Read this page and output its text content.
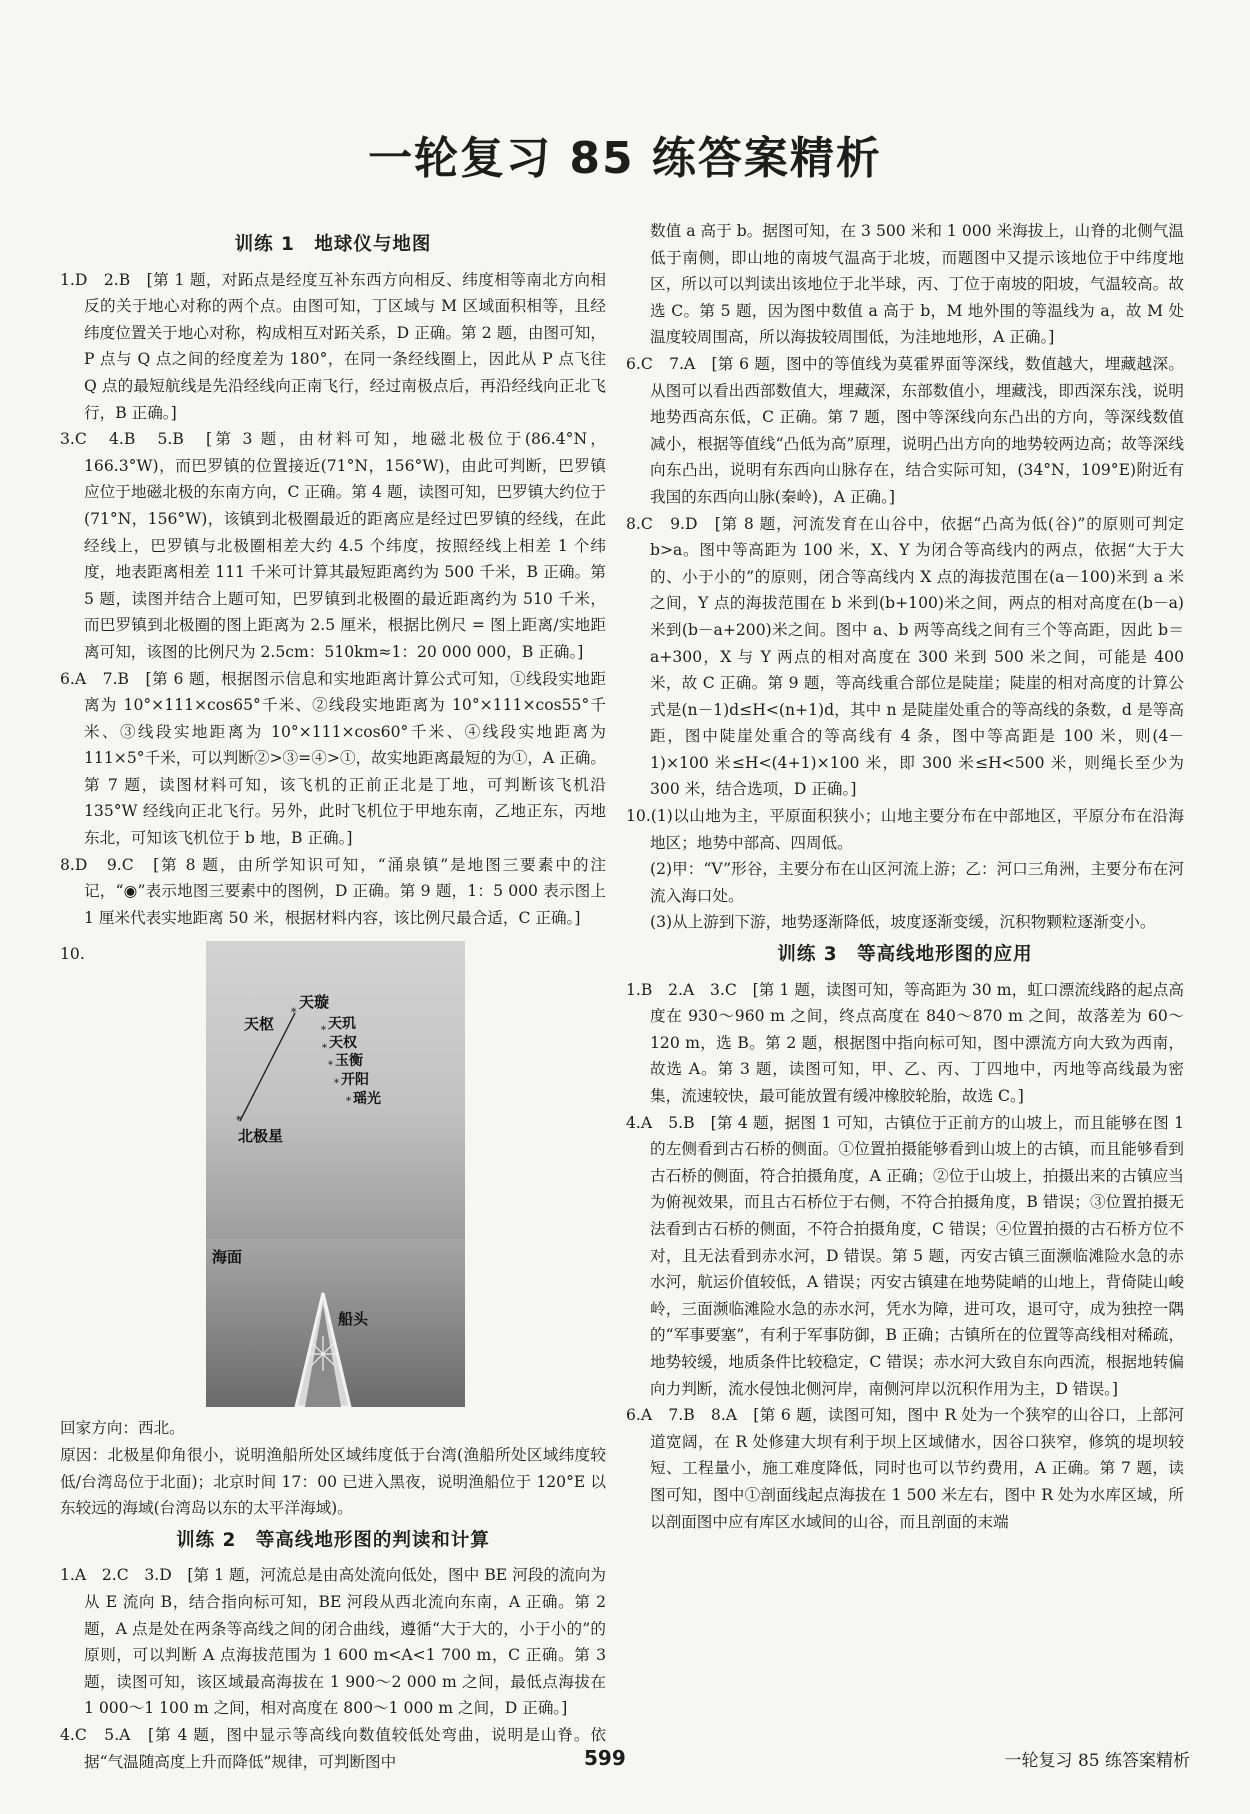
一轮复习 85 练答案精析
训练 1　地球仪与地图

1.D　2.B　[第 1 题，对跖点是经度互补东西方向相反、纬度相等南北方向相反的关于地心对称的两个点。由图可知，丁区域与 M 区域面积相等，且经纬度位置关于地心对称，构成相互对跖关系，D 正确。第 2 题，由图可知，P 点与 Q 点之间的经度差为 180°，在同一条经线圈上，因此从 P 点飞往 Q 点的最短航线是先沿经线向正南飞行，经过南极点后，再沿经线向正北飞行，B 正确。]

3.C　4.B　5.B　[第 3 题，由材料可知，地磁北极位于(86.4°N，166.3°W)，而巴罗镇的位置接近(71°N，156°W)，由此可判断，巴罗镇应位于地磁北极的东南方向，C 正确。第 4 题，读图可知，巴罗镇大约位于(71°N，156°W)，该镇到北极圈最近的距离应是经过巴罗镇的经线，在此经线上，巴罗镇与北极圈相差大约 4.5 个纬度，按照经线上相差 1 个纬度，地表距离相差 111 千米可计算其最短距离约为 500 千米，B 正确。第 5 题，读图并结合上题可知，巴罗镇到北极圈的最近距离约为 510 千米，而巴罗镇到北极圈的图上距离为 2.5 厘米，根据比例尺 = 图上距离/实地距离可知，该图的比例尺为 2.5cm：510km≈1：20 000 000，B 正确。]

6.A　7.B　[第 6 题，根据图示信息和实地距离计算公式可知，①线段实地距离为 10°×111×cos65°千米、②线段实地距离为 10°×111×cos55°千米、③线段实地距离为 10°×111×cos60°千米、④线段实地距离为 111×5°千米，可以判断②>③=④>①，故实地距离最短的为①，A 正确。第 7 题，读图材料可知，该飞机的正前正北是丁地，可判断该飞机沿 135°W 经线向正北飞行。另外，此时飞机位于甲地东南，乙地正东，丙地东北，可知该飞机位于 b 地，B 正确。]

8.D　9.C　[第 8 题，由所学知识可知，“涌泉镇”是地图三要素中的注记，“◉”表示地图三要素中的图例，D 正确。第 9 题，1：5 000 表示图上 1 厘米代表实地距离 50 米，根据材料内容，该比例尺最合适，C 正确。]

10.
*
*
*
*
*
*
*
天璇
天枢	天玑
天权
玉衡
开阳
瑶光
北极星
海面
船头

回家方向：西北。

原因：北极星仰角很小，说明渔船所处区域纬度低于台湾(渔船所处区域纬度较低/台湾岛位于北面)；北京时间 17：00 已进入黑夜，说明渔船位于 120°E 以东较远的海域(台湾岛以东的太平洋海域)。

训练 2　等高线地形图的判读和计算

1.A　2.C　3.D　[第 1 题，河流总是由高处流向低处，图中 BE 河段的流向为从 E 流向 B，结合指向标可知，BE 河段从西北流向东南，A 正确。第 2 题，A 点是处在两条等高线之间的闭合曲线，遵循“大于大的，小于小的”的原则，可以判断 A 点海拔范围为 1 600 m<A<1 700 m，C 正确。第 3 题，读图可知，该区域最高海拔在 1 900～2 000 m 之间，最低点海拔在 1 000～1 100 m 之间，相对高度在 800～1 000 m 之间，D 正确。]

4.C　5.A　[第 4 题，图中显示等高线向数值较低处弯曲，说明是山脊。依据“气温随高度上升而降低”规律，可判断图中

数值 a 高于 b。据图可知，在 3 500 米和 1 000 米海拔上，山脊的北侧气温低于南侧，即山地的南坡气温高于北坡，而题图中又提示该地位于中纬度地区，所以可以判读出该地位于北半球，丙、丁位于南坡的阳坡，气温较高。故选 C。第 5 题，因为图中数值 a 高于 b，M 地外围的等温线为 a，故 M 处温度较周围高，所以海拔较周围低，为洼地地形，A 正确。]

6.C　7.A　[第 6 题，图中的等值线为莫霍界面等深线，数值越大，埋藏越深。从图可以看出西部数值大，埋藏深，东部数值小，埋藏浅，即西深东浅，说明地势西高东低，C 正确。第 7 题，图中等深线向东凸出的方向，等深线数值减小，根据等值线“凸低为高”原理，说明凸出方向的地势较两边高；故等深线向东凸出，说明有东西向山脉存在，结合实际可知，(34°N，109°E)附近有我国的东西向山脉(秦岭)，A 正确。]

8.C　9.D　[第 8 题，河流发育在山谷中，依据“凸高为低(谷)”的原则可判定 b>a。图中等高距为 100 米，X、Y 为闭合等高线内的两点，依据“大于大的、小于小的”的原则，闭合等高线内 X 点的海拔范围在(a－100)米到 a 米之间，Y 点的海拔范围在 b 米到(b+100)米之间，两点的相对高度在(b－a)米到(b－a+200)米之间。图中 a、b 两等高线之间有三个等高距，因此 b＝a+300，X 与 Y 两点的相对高度在 300 米到 500 米之间，可能是 400 米，故 C 正确。第 9 题，等高线重合部位是陡崖；陡崖的相对高度的计算公式是(n－1)d≤H<(n+1)d，其中 n 是陡崖处重合的等高线的条数，d 是等高距，图中陡崖处重合的等高线有 4 条，图中等高距是 100 米，则(4－1)×100 米≤H<(4+1)×100 米，即 300 米≤H<500 米，则绳长至少为 300 米，结合选项，D 正确。]

10.(1)以山地为主，平原面积狭小；山地主要分布在中部地区，平原分布在沿海地区；地势中部高、四周低。

(2)甲：“V”形谷，主要分布在山区河流上游；乙：河口三角洲，主要分布在河流入海口处。

(3)从上游到下游，地势逐渐降低，坡度逐渐变缓，沉积物颗粒逐渐变小。

训练 3　等高线地形图的应用

1.B　2.A　3.C　[第 1 题，读图可知，等高距为 30 m，虹口漂流线路的起点高度在 930～960 m 之间，终点高度在 840～870 m 之间，故落差为 60～120 m，选 B。第 2 题，根据图中指向标可知，图中漂流方向大致为西南，故选 A。第 3 题，读图可知，甲、乙、丙、丁四地中，丙地等高线最为密集，流速较快，最可能放置有缓冲橡胶轮胎，故选 C。]

4.A　5.B　[第 4 题，据图 1 可知，古镇位于正前方的山坡上，而且能够在图 1 的左侧看到古石桥的侧面。①位置拍摄能够看到山坡上的古镇，而且能够看到古石桥的侧面，符合拍摄角度，A 正确；②位于山坡上，拍摄出来的古镇应当为俯视效果，而且古石桥位于右侧，不符合拍摄角度，B 错误；③位置拍摄无法看到古石桥的侧面，不符合拍摄角度，C 错误；④位置拍摄的古石桥方位不对，且无法看到赤水河，D 错误。第 5 题，丙安古镇三面濒临滩险水急的赤水河，航运价值较低，A 错误；丙安古镇建在地势陡峭的山地上，背倚陡山峻岭，三面濒临滩险水急的赤水河，凭水为障，进可攻，退可守，成为独控一隅的“军事要塞”，有利于军事防御，B 正确；古镇所在的位置等高线相对稀疏，地势较缓，地质条件比较稳定，C 错误；赤水河大致自东向西流，根据地转偏向力判断，流水侵蚀北侧河岸，南侧河岸以沉积作用为主，D 错误。]

6.A　7.B　8.A　[第 6 题，读图可知，图中 R 处为一个狭窄的山谷口，上部河道宽阔，在 R 处修建大坝有利于坝上区域储水，因谷口狭窄，修筑的堤坝较短、工程量小，施工难度降低，同时也可以节约费用，A 正确。第 7 题，读图可知，图中①剖面线起点海拔在 1 500 米左右，图中 R 处为水库区域，所以剖面图中应有库区水域间的山谷，而且剖面的末端

599	一轮复习 85 练答案精析
